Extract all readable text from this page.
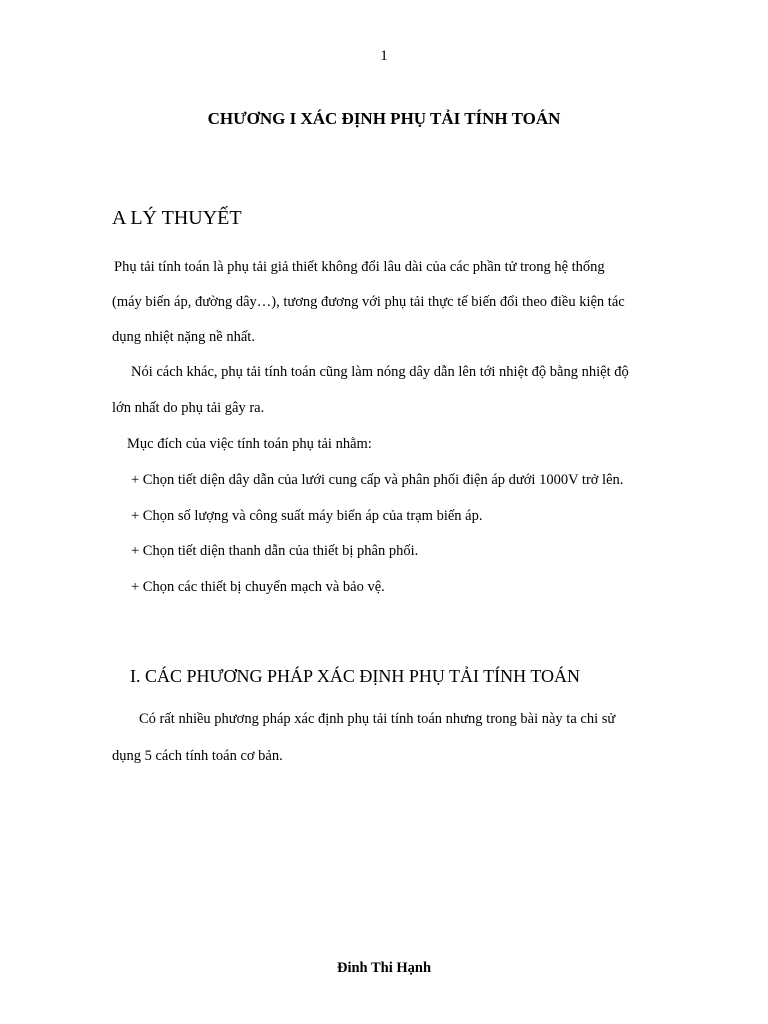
1
CHƯƠNG I XÁC ĐỊNH PHỤ TẢI TÍNH TOÁN
A LÝ THUYẾT
Phụ tải tính toán là phụ tải giả thiết không đổi lâu dài của các phần tử trong hệ thống
(máy biến áp, đường dây…), tương đương với phụ tải thực tế biến đổi theo điều kiện tác
dụng nhiệt nặng nề nhất.
Nói cách khác, phụ tải tính toán cũng làm nóng dây dẫn lên tới nhiệt độ bằng nhiệt độ
lớn nhất do phụ tải gây ra.
Mục đích của việc tính toán phụ tải nhằm:
+ Chọn tiết diện dây dẫn của lưới cung cấp và phân phối điện áp dưới 1000V trở lên.
+ Chọn số lượng và công suất máy biến áp của trạm biến áp.
+ Chọn tiết diện thanh dẫn của thiết bị phân phối.
+ Chọn các thiết bị chuyển mạch và bảo vệ.
I. CÁC PHƯƠNG PHÁP XÁC ĐỊNH PHỤ TẢI TÍNH TOÁN
Có rất nhiều phương pháp xác định phụ tải tính toán nhưng trong bài này ta chi sử
dụng 5 cách tính toán cơ bản.
Đinh Thi Hạnh
